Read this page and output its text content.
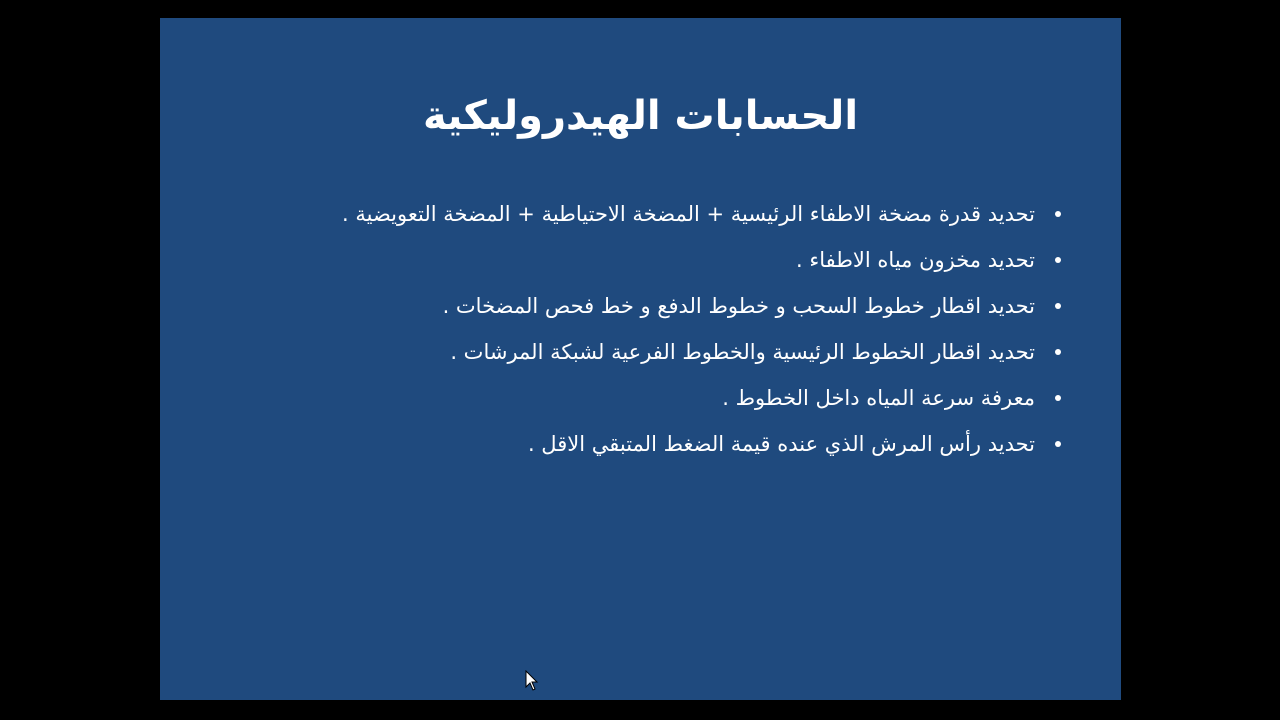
الحسابات الهيدروليكية
تحديد قدرة مضخة الاطفاء الرئيسية + المضخة الاحتياطية + المضخة التعويضية .
تحديد مخزون مياه الاطفاء .
تحديد اقطار خطوط السحب و خطوط الدفع و خط فحص المضخات .
تحديد اقطار الخطوط الرئيسية والخطوط الفرعية لشبكة المرشات .
معرفة سرعة المياه داخل الخطوط .
تحديد رأس المرش الذي عنده قيمة الضغط المتبقي الاقل .
